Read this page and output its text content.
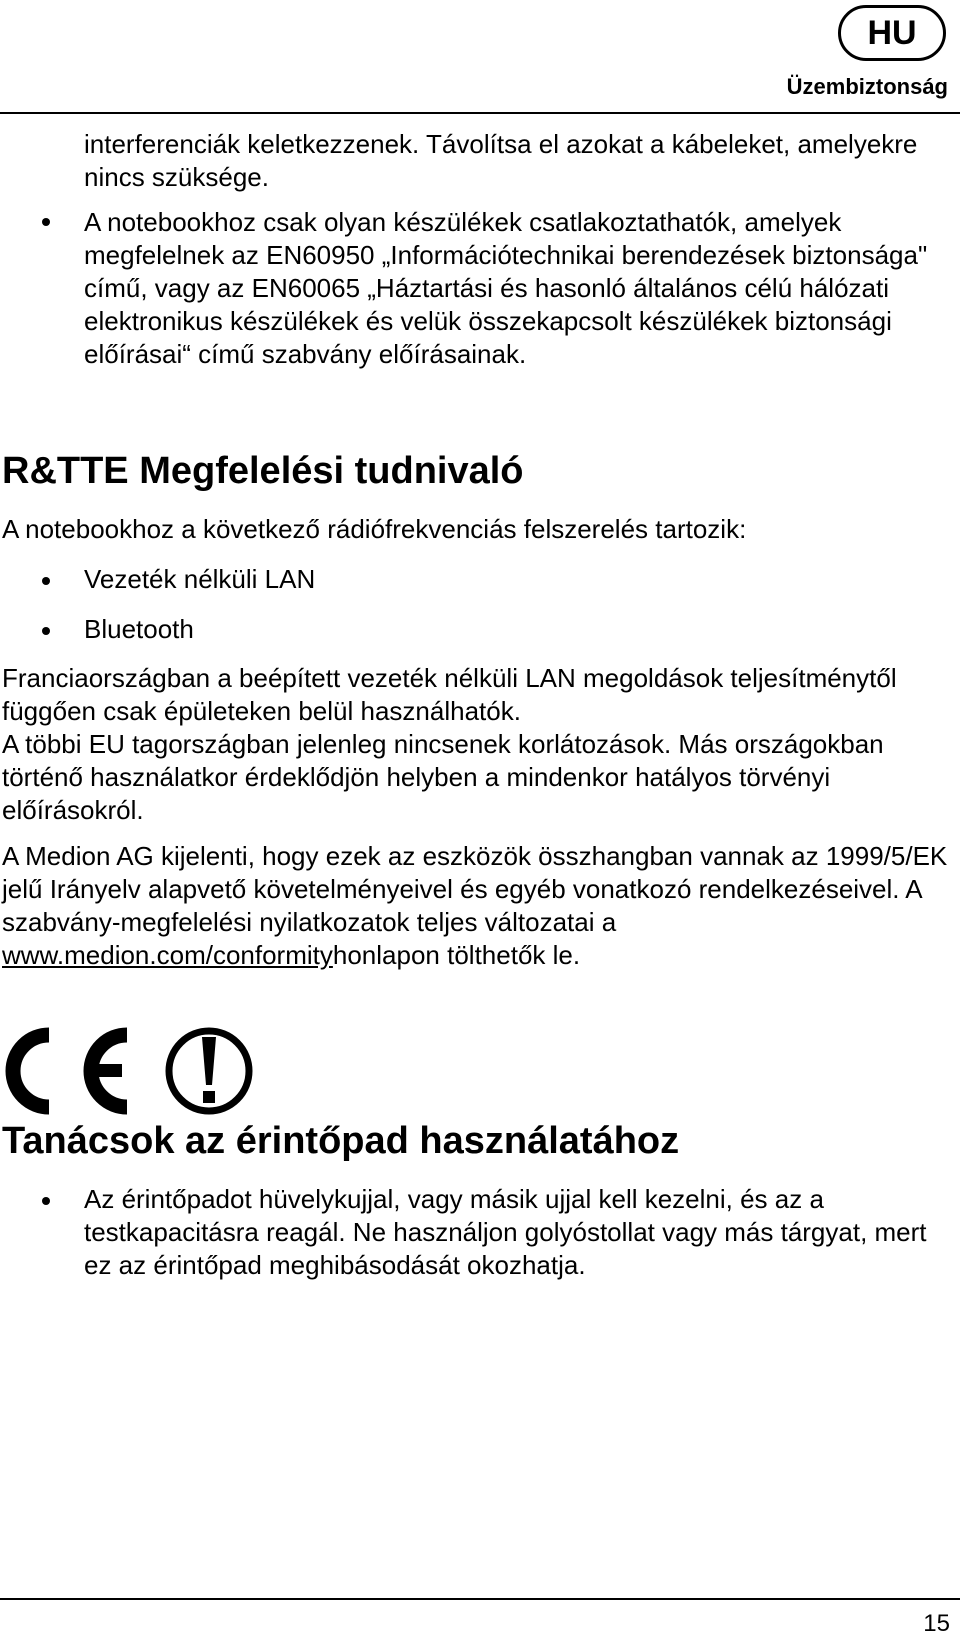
HU
Üzembiztonság
interferenciák keletkezzenek. Távolítsa el azokat a kábeleket, amelyekre nincs szüksége.
A notebookhoz csak olyan készülékek csatlakoztathatók, amelyek megfelelnek az EN60950 „Információtechnikai berendezések biztonsága" című, vagy az EN60065 „Háztartási és hasonló általános célú hálózati elektronikus készülékek és velük összekapcsolt készülékek biztonsági előírásai“ című szabvány előírásainak.
R&TTE Megfelelési tudnivaló
A notebookhoz a következő rádiófrekvenciás felszerelés tartozik:
Vezeték nélküli LAN
Bluetooth
Franciaországban a beépített vezeték nélküli LAN megoldások teljesítménytől függően csak épületeken belül használhatók.
A többi EU tagországban jelenleg nincsenek korlátozások. Más országokban történő használatkor érdeklődjön helyben a mindenkor hatályos törvényi előírásokról.
A Medion AG kijelenti, hogy ezek az eszközök összhangban vannak az 1999/5/EK jelű Irányelv alapvető követelményeivel és egyéb vonatkozó rendelkezéseivel. A szabvány-megfelelési nyilatkozatok teljes változatai a www.medion.com/conformityhonlapon tölthetők le.
Tanácsok az érintőpad használatához
Az érintőpadot hüvelykujjal, vagy másik ujjal kell kezelni, és az a testkapacitásra reagál. Ne használjon golyóstollat vagy más tárgyat, mert ez az érintőpad meghibásodását okozhatja.
15
